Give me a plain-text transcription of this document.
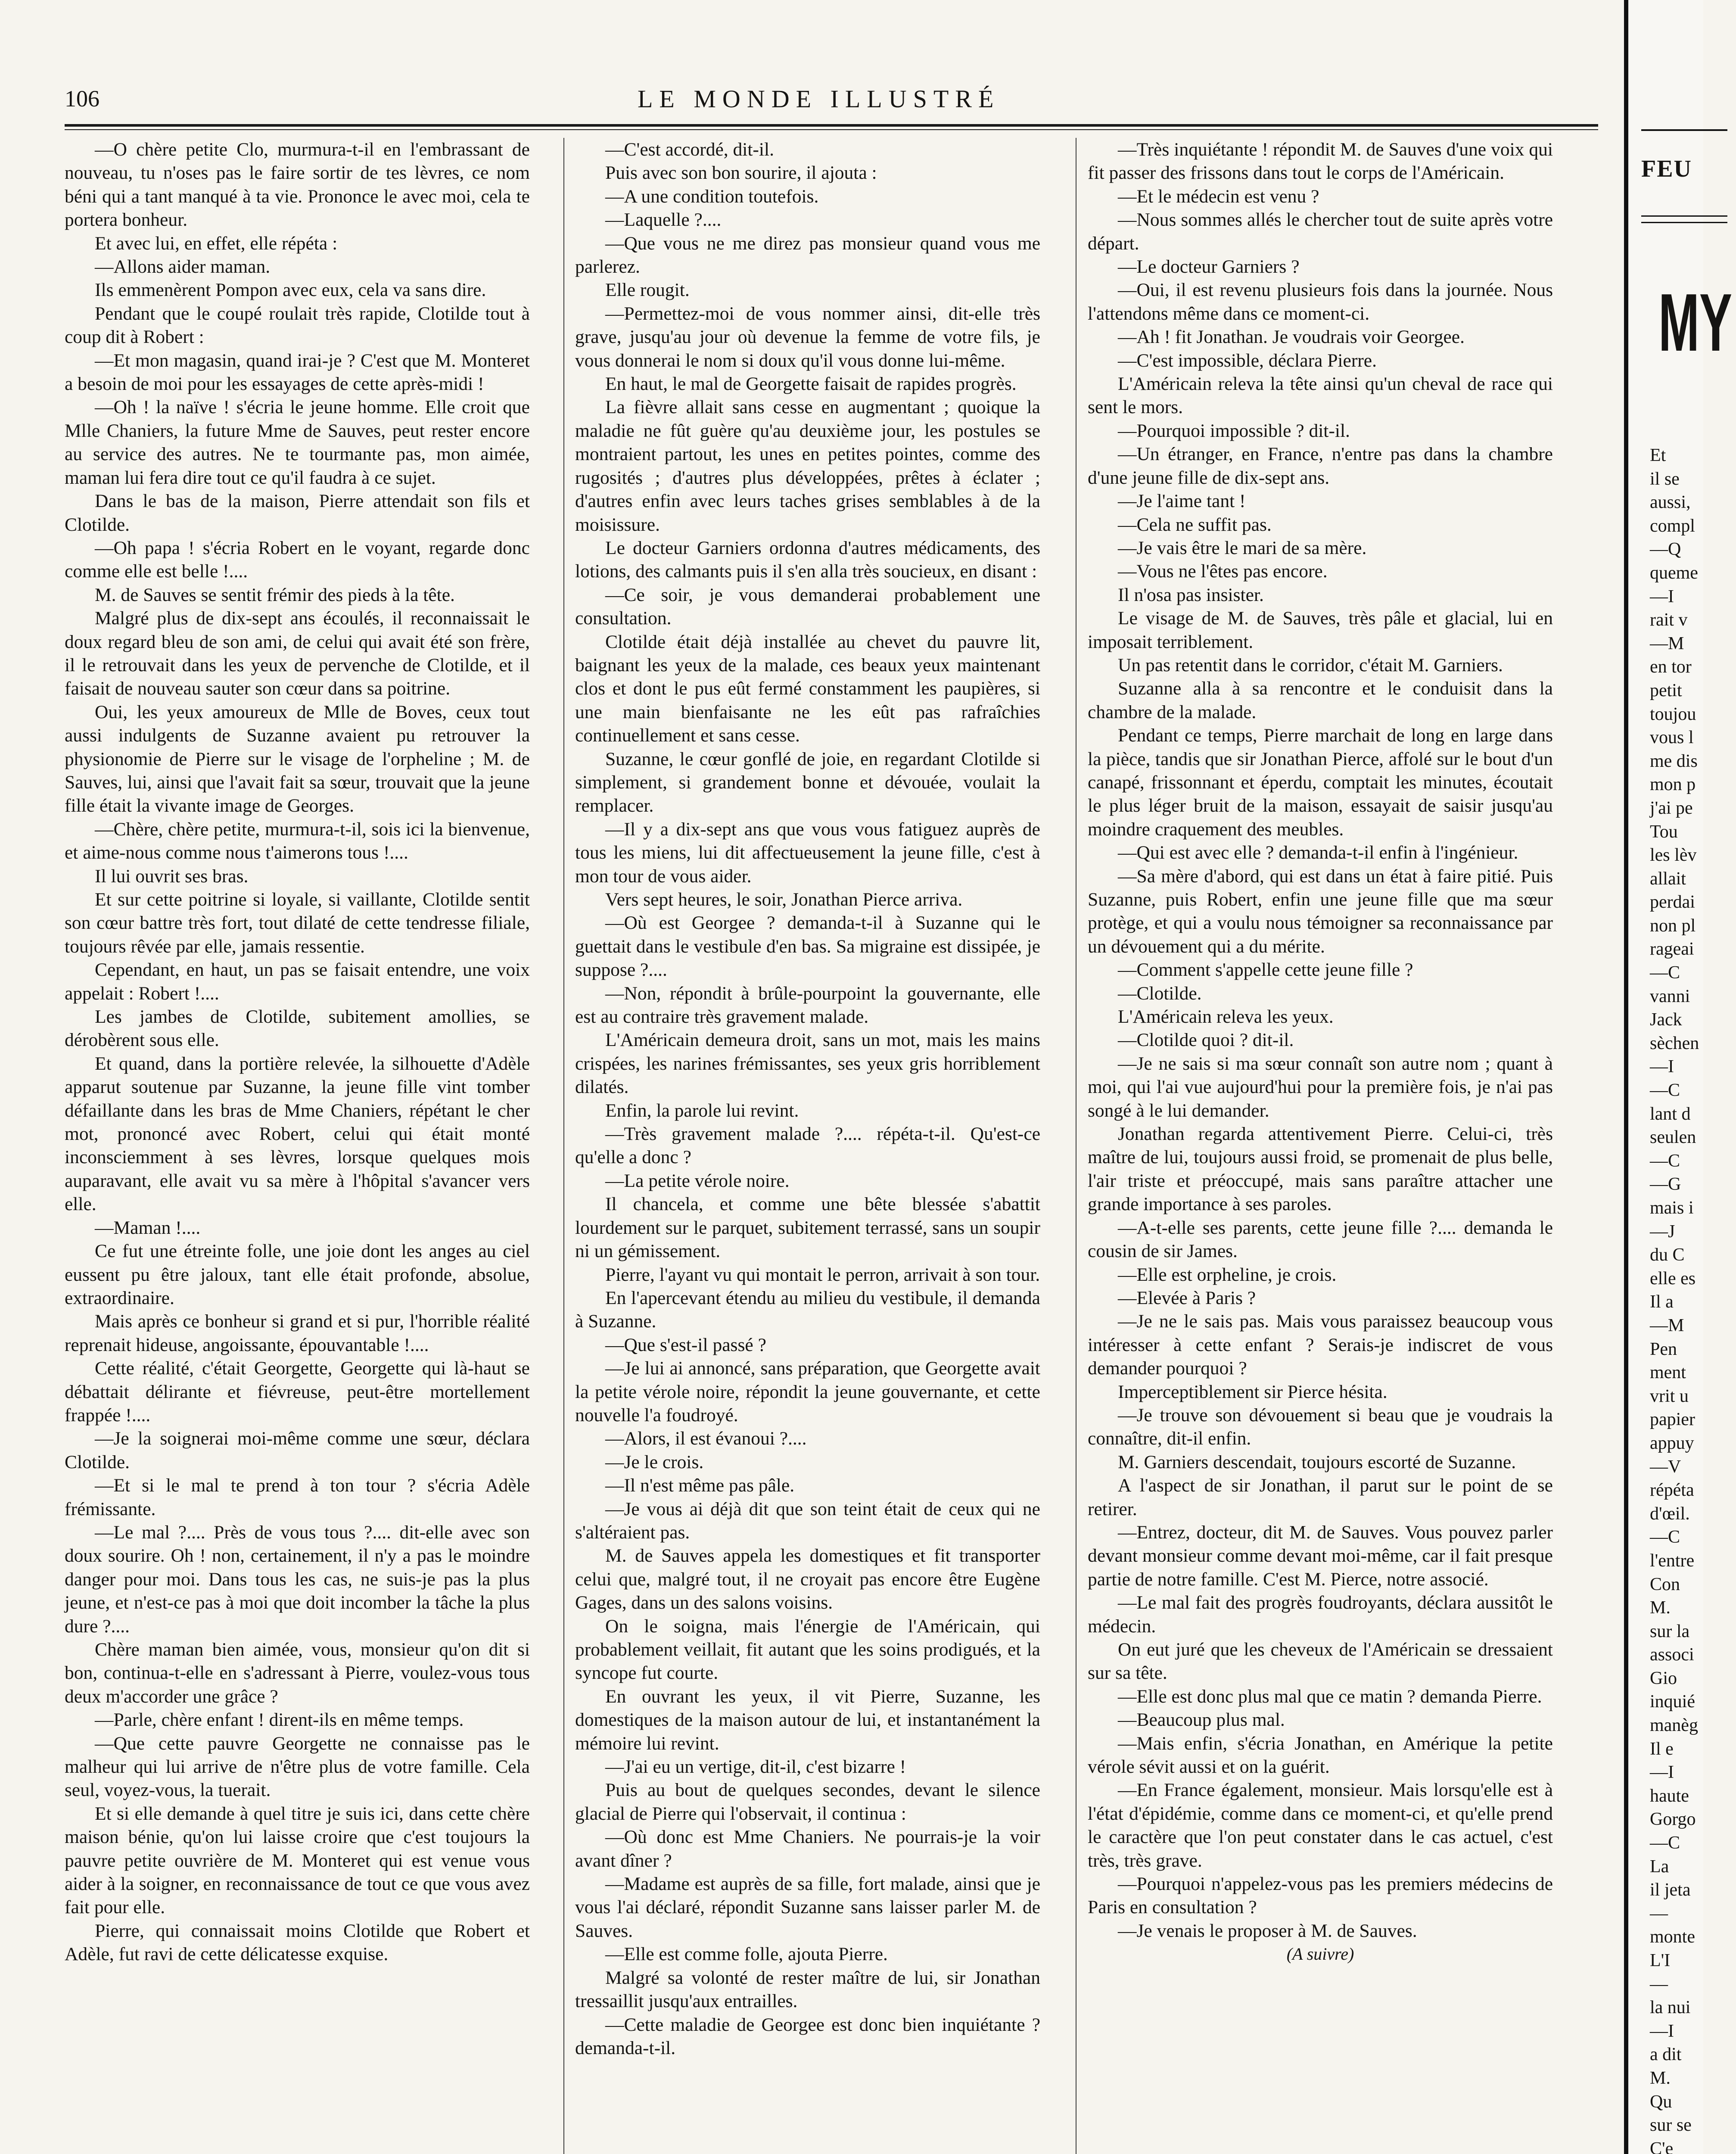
106	LE MONDE ILLUSTRÉ

—O chère petite Clo, murmura-t-il en l'embrassant de nouveau, tu n'oses pas le faire sortir de tes lèvres, ce nom béni qui a tant manqué à ta vie. Prononce le avec moi, cela te portera bonheur.

Et avec lui, en effet, elle répéta :

—Allons aider maman.

Ils emmenèrent Pompon avec eux, cela va sans dire.

Pendant que le coupé roulait très rapide, Clotilde tout à coup dit à Robert :

—Et mon magasin, quand irai-je ? C'est que M. Monteret a besoin de moi pour les essayages de cette après-midi !

—Oh ! la naïve ! s'écria le jeune homme. Elle croit que Mlle Chaniers, la future Mme de Sauves, peut rester encore au service des autres. Ne te tourmante pas, mon aimée, maman lui fera dire tout ce qu'il faudra à ce sujet.

Dans le bas de la maison, Pierre attendait son fils et Clotilde.

—Oh papa ! s'écria Robert en le voyant, regarde donc comme elle est belle !....

M. de Sauves se sentit frémir des pieds à la tête.

Malgré plus de dix-sept ans écoulés, il reconnaissait le doux regard bleu de son ami, de celui qui avait été son frère, il le retrouvait dans les yeux de pervenche de Clotilde, et il faisait de nouveau sauter son cœur dans sa poitrine.

Oui, les yeux amoureux de Mlle de Boves, ceux tout aussi indulgents de Suzanne avaient pu retrouver la physionomie de Pierre sur le visage de l'orpheline ; M. de Sauves, lui, ainsi que l'avait fait sa sœur, trouvait que la jeune fille était la vivante image de Georges.

—Chère, chère petite, murmura-t-il, sois ici la bienvenue, et aime-nous comme nous t'aimerons tous !....

Il lui ouvrit ses bras.

Et sur cette poitrine si loyale, si vaillante, Clotilde sentit son cœur battre très fort, tout dilaté de cette tendresse filiale, toujours rêvée par elle, jamais ressentie.

Cependant, en haut, un pas se faisait entendre, une voix appelait : Robert !....

Les jambes de Clotilde, subitement amollies, se dérobèrent sous elle.

Et quand, dans la portière relevée, la silhouette d'Adèle apparut soutenue par Suzanne, la jeune fille vint tomber défaillante dans les bras de Mme Chaniers, répétant le cher mot, prononcé avec Robert, celui qui était monté inconsciemment à ses lèvres, lorsque quelques mois auparavant, elle avait vu sa mère à l'hôpital s'avancer vers elle.

—Maman !....

Ce fut une étreinte folle, une joie dont les anges au ciel eussent pu être jaloux, tant elle était profonde, absolue, extraordinaire.

Mais après ce bonheur si grand et si pur, l'horrible réalité reprenait hideuse, angoissante, épouvantable !....

Cette réalité, c'était Georgette, Georgette qui là-haut se débattait délirante et fiévreuse, peut-être mortellement frappée !....

—Je la soignerai moi-même comme une sœur, déclara Clotilde.

—Et si le mal te prend à ton tour ? s'écria Adèle frémissante.

—Le mal ?.... Près de vous tous ?.... dit-elle avec son doux sourire. Oh ! non, certainement, il n'y a pas le moindre danger pour moi. Dans tous les cas, ne suis-je pas la plus jeune, et n'est-ce pas à moi que doit incomber la tâche la plus dure ?....

Chère maman bien aimée, vous, monsieur qu'on dit si bon, continua-t-elle en s'adressant à Pierre, voulez-vous tous deux m'accorder une grâce ?

—Parle, chère enfant ! dirent-ils en même temps.

—Que cette pauvre Georgette ne connaisse pas le malheur qui lui arrive de n'être plus de votre famille. Cela seul, voyez-vous, la tuerait.

Et si elle demande à quel titre je suis ici, dans cette chère maison bénie, qu'on lui laisse croire que c'est toujours la pauvre petite ouvrière de M. Monteret qui est venue vous aider à la soigner, en reconnaissance de tout ce que vous avez fait pour elle.

Pierre, qui connaissait moins Clotilde que Robert et Adèle, fut ravi de cette délicatesse exquise.

—C'est accordé, dit-il.

Puis avec son bon sourire, il ajouta :

—A une condition toutefois.

—Laquelle ?....

—Que vous ne me direz pas monsieur quand vous me parlerez.

Elle rougit.

—Permettez-moi de vous nommer ainsi, dit-elle très grave, jusqu'au jour où devenue la femme de votre fils, je vous donnerai le nom si doux qu'il vous donne lui-même.

En haut, le mal de Georgette faisait de rapides progrès.

La fièvre allait sans cesse en augmentant ; quoique la maladie ne fût guère qu'au deuxième jour, les postules se montraient partout, les unes en petites pointes, comme des rugosités ; d'autres plus développées, prêtes à éclater ; d'autres enfin avec leurs taches grises semblables à de la moisissure.

Le docteur Garniers ordonna d'autres médicaments, des lotions, des calmants puis il s'en alla très soucieux, en disant :

—Ce soir, je vous demanderai probablement une consultation.

Clotilde était déjà installée au chevet du pauvre lit, baignant les yeux de la malade, ces beaux yeux maintenant clos et dont le pus eût fermé constamment les paupières, si une main bienfaisante ne les eût pas rafraîchies continuellement et sans cesse.

Suzanne, le cœur gonflé de joie, en regardant Clotilde si simplement, si grandement bonne et dévouée, voulait la remplacer.

—Il y a dix-sept ans que vous vous fatiguez auprès de tous les miens, lui dit affectueusement la jeune fille, c'est à mon tour de vous aider.

Vers sept heures, le soir, Jonathan Pierce arriva.

—Où est Georgee ? demanda-t-il à Suzanne qui le guettait dans le vestibule d'en bas. Sa migraine est dissipée, je suppose ?....

—Non, répondit à brûle-pourpoint la gouvernante, elle est au contraire très gravement malade.

L'Américain demeura droit, sans un mot, mais les mains crispées, les narines frémissantes, ses yeux gris horriblement dilatés.

Enfin, la parole lui revint.

—Très gravement malade ?.... répéta-t-il. Qu'est-ce qu'elle a donc ?

—La petite vérole noire.

Il chancela, et comme une bête blessée s'abattit lourdement sur le parquet, subitement terrassé, sans un soupir ni un gémissement.

Pierre, l'ayant vu qui montait le perron, arrivait à son tour.

En l'apercevant étendu au milieu du vestibule, il demanda à Suzanne.

—Que s'est-il passé ?

—Je lui ai annoncé, sans préparation, que Georgette avait la petite vérole noire, répondit la jeune gouvernante, et cette nouvelle l'a foudroyé.

—Alors, il est évanoui ?....

—Je le crois.

—Il n'est même pas pâle.

—Je vous ai déjà dit que son teint était de ceux qui ne s'altéraient pas.

M. de Sauves appela les domestiques et fit transporter celui que, malgré tout, il ne croyait pas encore être Eugène Gages, dans un des salons voisins.

On le soigna, mais l'énergie de l'Américain, qui probablement veillait, fit autant que les soins prodigués, et la syncope fut courte.

En ouvrant les yeux, il vit Pierre, Suzanne, les domestiques de la maison autour de lui, et instantanément la mémoire lui revint.

—J'ai eu un vertige, dit-il, c'est bizarre !

Puis au bout de quelques secondes, devant le silence glacial de Pierre qui l'observait, il continua :

—Où donc est Mme Chaniers. Ne pourrais-je la voir avant dîner ?

—Madame est auprès de sa fille, fort malade, ainsi que je vous l'ai déclaré, répondit Suzanne sans laisser parler M. de Sauves.

—Elle est comme folle, ajouta Pierre.

Malgré sa volonté de rester maître de lui, sir Jonathan tressaillit jusqu'aux entrailles.

—Cette maladie de Georgee est donc bien inquiétante ? demanda-t-il.

—Très inquiétante ! répondit M. de Sauves d'une voix qui fit passer des frissons dans tout le corps de l'Américain.

—Et le médecin est venu ?

—Nous sommes allés le chercher tout de suite après votre départ.

—Le docteur Garniers ?

—Oui, il est revenu plusieurs fois dans la journée. Nous l'attendons même dans ce moment-ci.

—Ah ! fit Jonathan. Je voudrais voir Georgee.

—C'est impossible, déclara Pierre.

L'Américain releva la tête ainsi qu'un cheval de race qui sent le mors.

—Pourquoi impossible ? dit-il.

—Un étranger, en France, n'entre pas dans la chambre d'une jeune fille de dix-sept ans.

—Je l'aime tant !

—Cela ne suffit pas.

—Je vais être le mari de sa mère.

—Vous ne l'êtes pas encore.

Il n'osa pas insister.

Le visage de M. de Sauves, très pâle et glacial, lui en imposait terriblement.

Un pas retentit dans le corridor, c'était M. Garniers.

Suzanne alla à sa rencontre et le conduisit dans la chambre de la malade.

Pendant ce temps, Pierre marchait de long en large dans la pièce, tandis que sir Jonathan Pierce, affolé sur le bout d'un canapé, frissonnant et éperdu, comptait les minutes, écoutait le plus léger bruit de la maison, essayait de saisir jusqu'au moindre craquement des meubles.

—Qui est avec elle ? demanda-t-il enfin à l'ingénieur.

—Sa mère d'abord, qui est dans un état à faire pitié. Puis Suzanne, puis Robert, enfin une jeune fille que ma sœur protège, et qui a voulu nous témoigner sa reconnaissance par un dévouement qui a du mérite.

—Comment s'appelle cette jeune fille ?

—Clotilde.

L'Américain releva les yeux.

—Clotilde quoi ? dit-il.

—Je ne sais si ma sœur connaît son autre nom ; quant à moi, qui l'ai vue aujourd'hui pour la première fois, je n'ai pas songé à le lui demander.

Jonathan regarda attentivement Pierre. Celui-ci, très maître de lui, toujours aussi froid, se promenait de plus belle, l'air triste et préoccupé, mais sans paraître attacher une grande importance à ses paroles.

—A-t-elle ses parents, cette jeune fille ?.... demanda le cousin de sir James.

—Elle est orpheline, je crois.

—Elevée à Paris ?

—Je ne le sais pas. Mais vous paraissez beaucoup vous intéresser à cette enfant ? Serais-je indiscret de vous demander pourquoi ?

Imperceptiblement sir Pierce hésita.

—Je trouve son dévouement si beau que je voudrais la connaître, dit-il enfin.

M. Garniers descendait, toujours escorté de Suzanne.

A l'aspect de sir Jonathan, il parut sur le point de se retirer.

—Entrez, docteur, dit M. de Sauves. Vous pouvez parler devant monsieur comme devant moi-même, car il fait presque partie de notre famille. C'est M. Pierce, notre associé.

—Le mal fait des progrès foudroyants, déclara aussitôt le médecin.

On eut juré que les cheveux de l'Américain se dressaient sur sa tête.

—Elle est donc plus mal que ce matin ? demanda Pierre.

—Beaucoup plus mal.

—Mais enfin, s'écria Jonathan, en Amérique la petite vérole sévit aussi et on la guérit.

—En France également, monsieur. Mais lorsqu'elle est à l'état d'épidémie, comme dans ce moment-ci, et qu'elle prend le caractère que l'on peut constater dans le cas actuel, c'est très, très grave.

—Pourquoi n'appelez-vous pas les premiers médecins de Paris en consultation ?

—Je venais le proposer à M. de Sauves.

(A suivre)

FEU
MY
Et
il se
aussi,
compl
—Q
queme
—I
rait v
—M
en tor
petit
toujou
vous l
me dis
mon p
j'ai pe
Tou
les lèv
allait
perdai
non pl
rageai
—C
vanni
Jack
sèchen
—I
—C
lant d
seulen
—C
—G
mais i
—J
du C
elle es
Il a
—M
Pen
ment
vrit u
papier
appuy
—V
répéta
d'œil.
—C
l'entre
Con
M.
sur la
associ
Gio
inquié
manèg
Il e
—I
haute
Gorgo
—C
La
il jeta
—
monte
L'I
—
la nui
—I
a dit
M.
Qu
sur se
C'e
